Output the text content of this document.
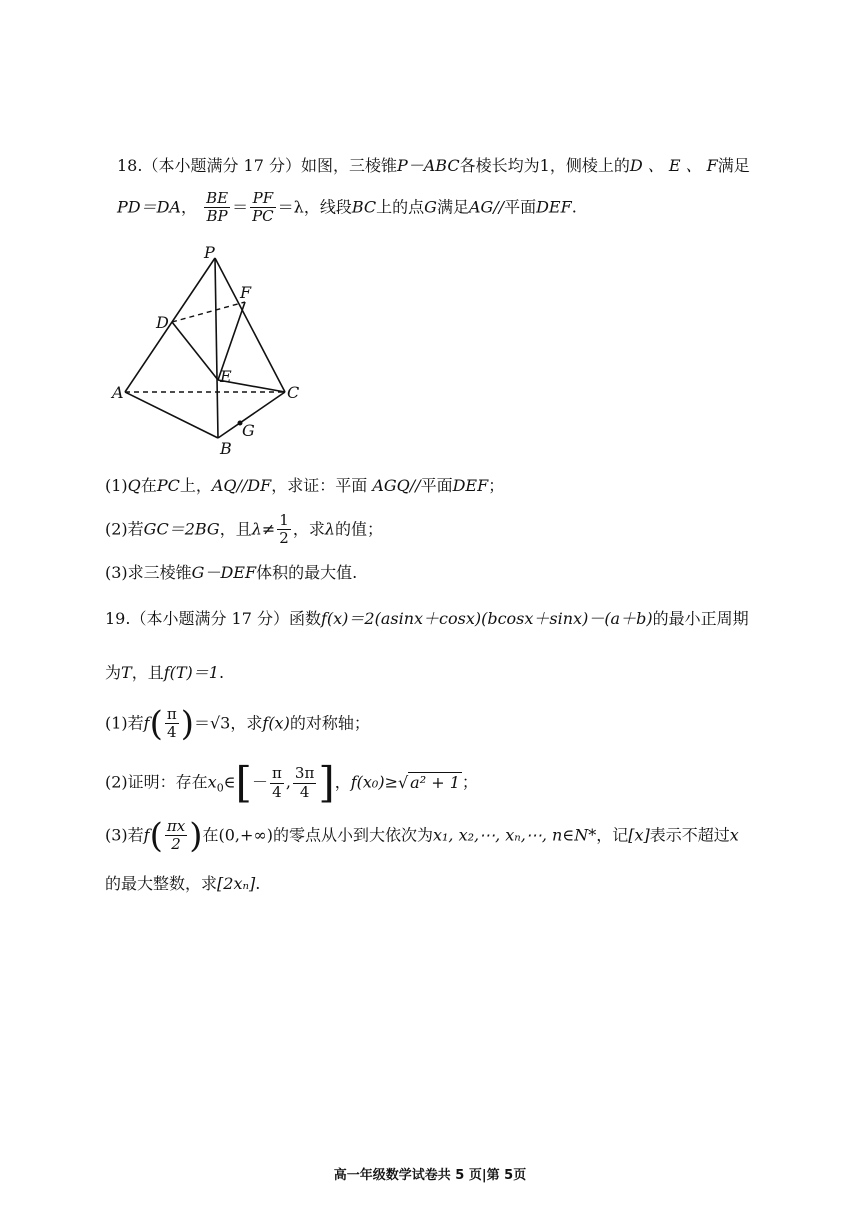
18.（本小题满分 17 分）如图，三棱锥P－ABC各棱长均为1，侧棱上的D 、 E 、 F满足
PD＝DA， $\frac{BE}{BP} = \frac{PF}{PC} =\lambda$，线段BC上的点G满足AG//平面DEF.
P
F
D
E
A	C
B
G
(1)Q在PC上，AQ//DF，求证：平面 AGQ//平面DEF；
(2)若GC＝2BG，且$\lambda\ne \frac{1}{2}$ ，求λ的值；
(3)求三棱锥G－DEF体积的最大值.
19.（本小题满分 17 分）函数f(x)＝2(asinx＋cosx)(bcosx＋sinx)－(a＋b)的最小正周期
为T，且f(T)＝1.
(1)若$f( \frac{\pi}{4} )=√3$，求f(x)的对称轴；
(2)证明：存在$x_0\in[- \frac{\pi}{4}$ , $\frac{3\pi}{4}$ ]，f(x₀)≥√ a² + 1 ；
(3)若$f( \frac{\pi x}{2}$ )在(0,+∞)的零点从小到大依次为x₁, x₂,⋯, xₙ,⋯, n∈N*，记[x]表示不超过x
的最大整数，求[2xₙ].
高一年级数学试卷共 5 页|第 5页
